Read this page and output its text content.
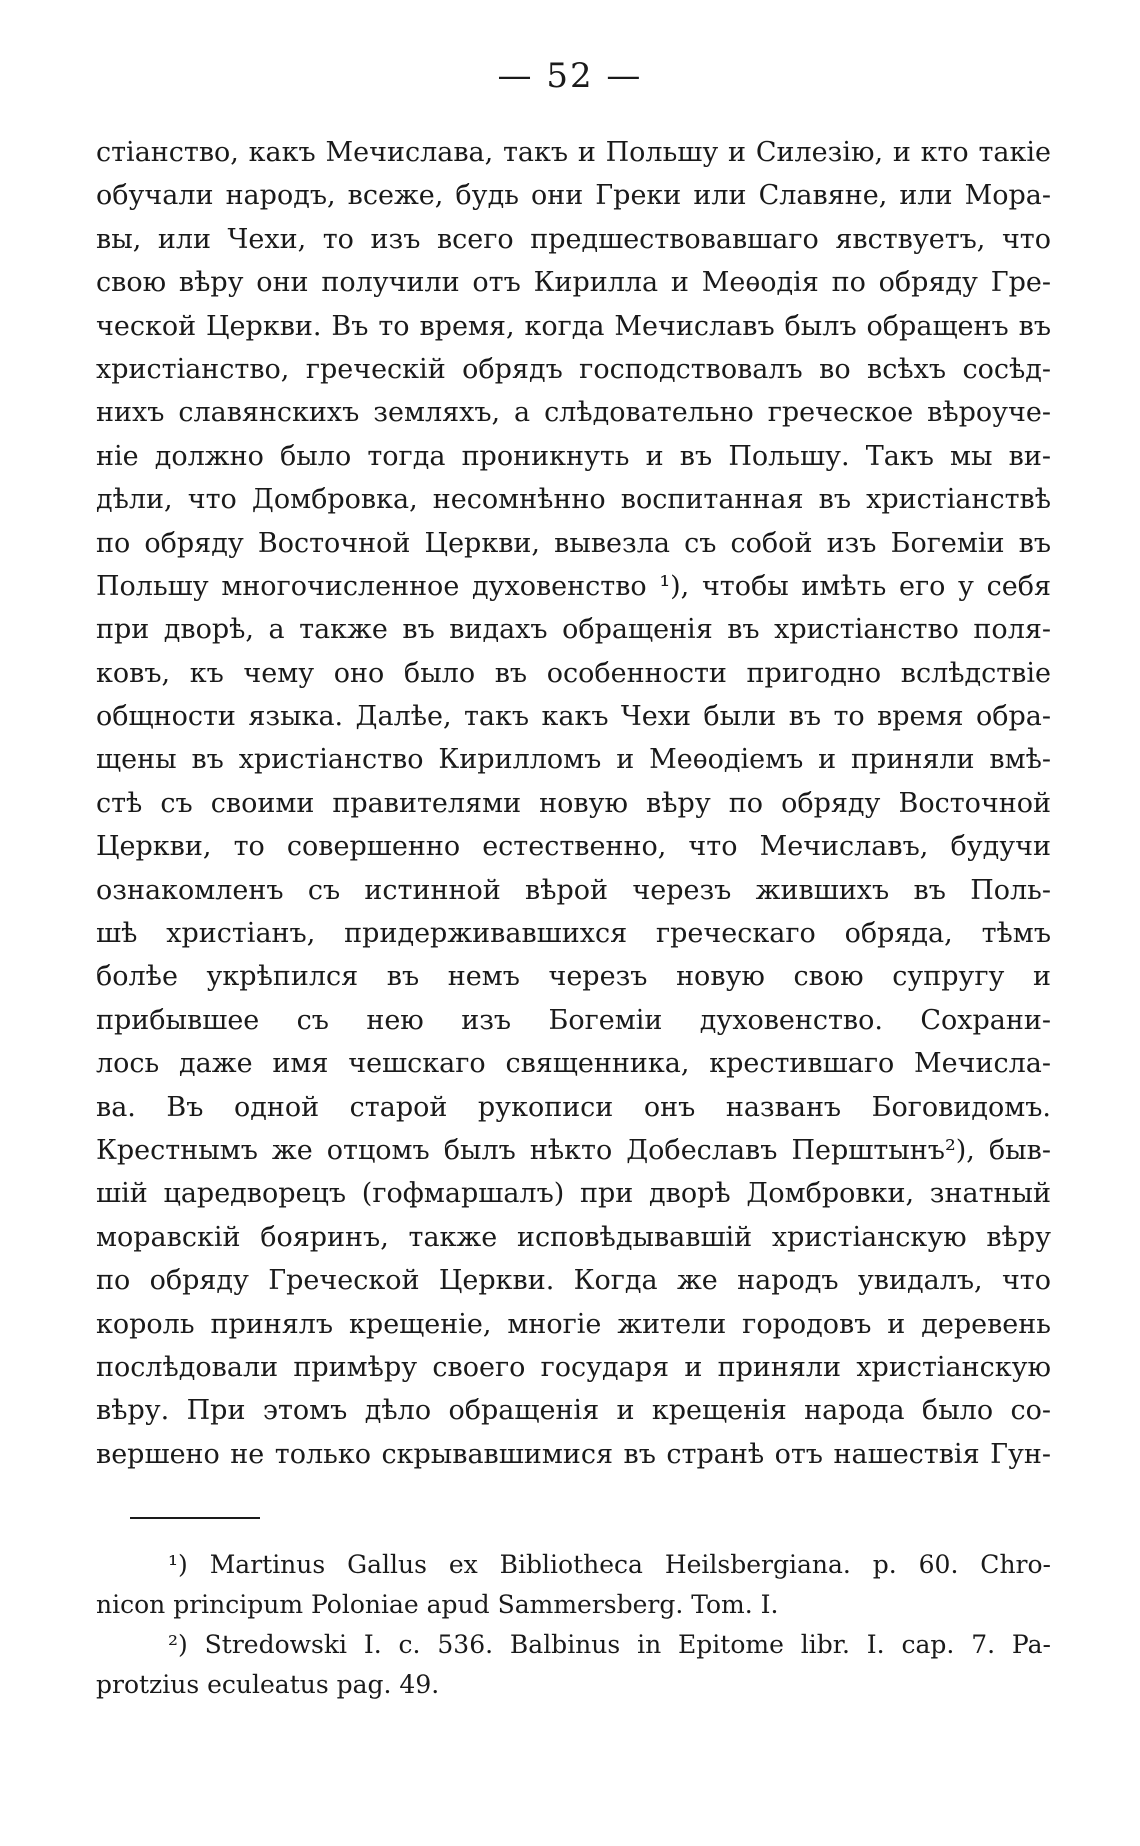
— 52 —
стіанство, какъ Мечислава, такъ и Польшу и Силезію, и кто такіе
обучали народъ, всеже, будь они Греки или Славяне, или Мора-
вы, или Чехи, то изъ всего предшествовавшаго явствуетъ, что
свою вѣру они получили отъ Кирилла и Меѳодія по обряду Гре-
ческой Церкви. Въ то время, когда Мечиславъ былъ обращенъ въ
христіанство, греческій обрядъ господствовалъ во всѣхъ сосѣд-
нихъ славянскихъ земляхъ, а слѣдовательно греческое вѣроуче-
ніе должно было тогда проникнуть и въ Польшу. Такъ мы ви-
дѣли, что Домбровка, несомнѣнно воспитанная въ христіанствѣ
по обряду Восточной Церкви, вывезла съ собой изъ Богеміи въ
Польшу многочисленное духовенство ¹), чтобы имѣть его у себя
при дворѣ, а также въ видахъ обращенія въ христіанство поля-
ковъ, къ чему оно было въ особенности пригодно вслѣдствіе
общности языка. Далѣе, такъ какъ Чехи были въ то время обра-
щены въ христіанство Кирилломъ и Меѳодіемъ и приняли вмѣ-
стѣ съ своими правителями новую вѣру по обряду Восточной
Церкви, то совершенно естественно, что Мечиславъ, будучи
ознакомленъ съ истинной вѣрой черезъ жившихъ въ Поль-
шѣ христіанъ, придерживавшихся греческаго обряда, тѣмъ
болѣе укрѣпился въ немъ черезъ новую свою супругу и
прибывшее съ нею изъ Богеміи духовенство. Сохрани-
лось даже имя чешскаго священника, крестившаго Мечисла-
ва. Въ одной старой рукописи онъ названъ Боговидомъ.
Крестнымъ же отцомъ былъ нѣкто Добеславъ Перштынъ²), быв-
шій царедворецъ (гофмаршалъ) при дворѣ Домбровки, знатный
моравскій бояринъ, также исповѣдывавшій христіанскую вѣру
по обряду Греческой Церкви. Когда же народъ увидалъ, что
король принялъ крещеніе, многіе жители городовъ и деревень
послѣдовали примѣру своего государя и приняли христіанскую
вѣру. При этомъ дѣло обращенія и крещенія народа было со-
вершено не только скрывавшимися въ странѣ отъ нашествія Гун-
¹) Martinus Gallus ex Bibliotheca Heilsbergiana. p. 60. Chro-
nicon principum Poloniae apud Sammersberg. Tom. I.
²) Stredowski I. c. 536. Balbinus in Epitome libr. I. cap. 7. Pa-
protzius eculeatus pag. 49.
